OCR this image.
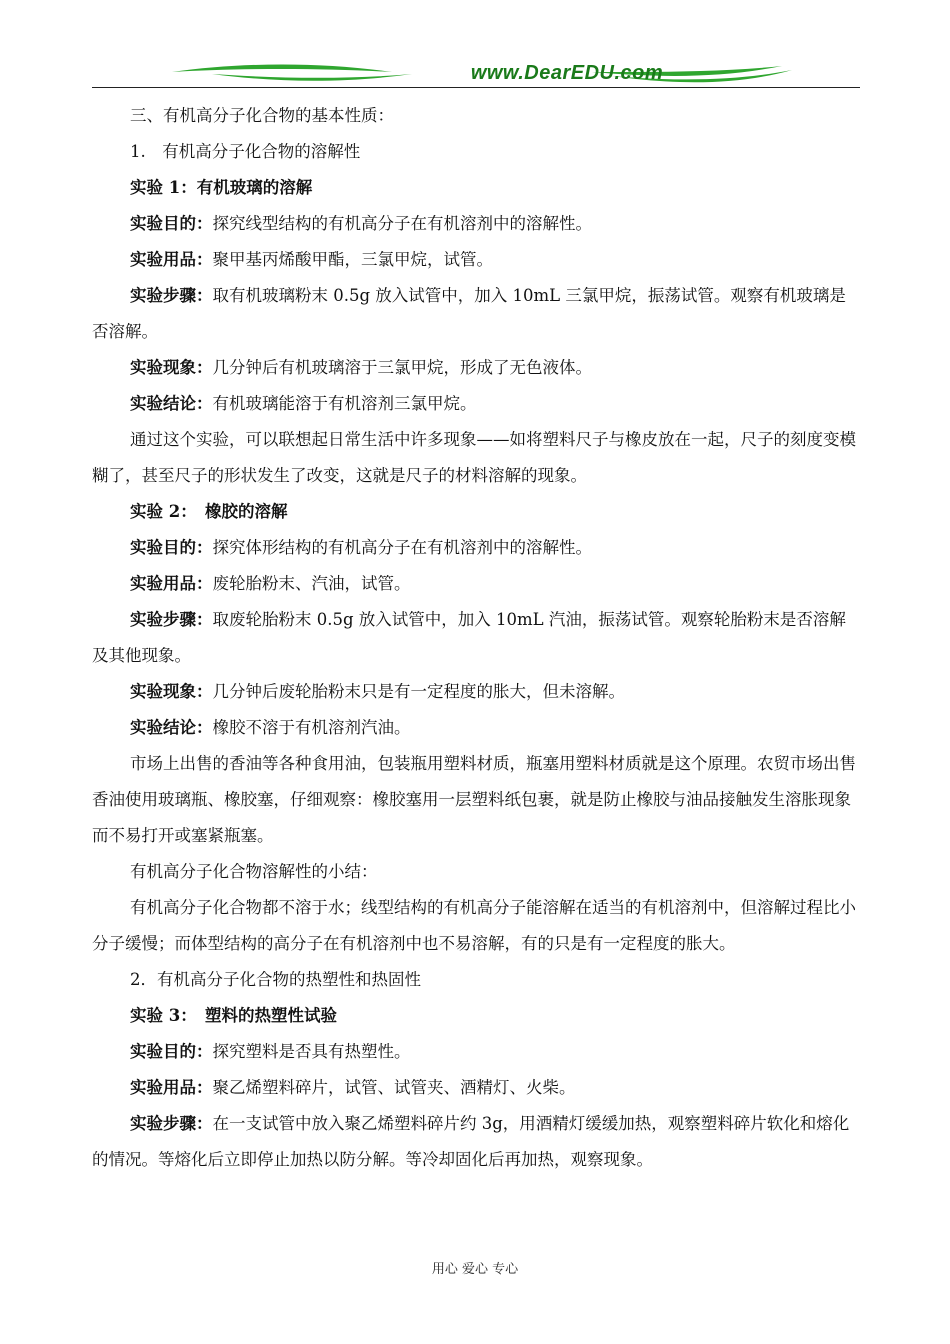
www.DearEDU.com

三、有机高分子化合物的基本性质：

1.　有机高分子化合物的溶解性

实验 1：有机玻璃的溶解

实验目的：探究线型结构的有机高分子在有机溶剂中的溶解性。

实验用品：聚甲基丙烯酸甲酯，三氯甲烷，试管。

实验步骤：取有机玻璃粉末 0.5g 放入试管中，加入 10mL 三氯甲烷，振荡试管。观察有机玻璃是否溶解。

实验现象：几分钟后有机玻璃溶于三氯甲烷，形成了无色液体。

实验结论：有机玻璃能溶于有机溶剂三氯甲烷。

通过这个实验，可以联想起日常生活中许多现象——如将塑料尺子与橡皮放在一起，尺子的刻度变模糊了，甚至尺子的形状发生了改变，这就是尺子的材料溶解的现象。

实验 2：　橡胶的溶解

实验目的：探究体形结构的有机高分子在有机溶剂中的溶解性。

实验用品：废轮胎粉末、汽油，试管。

实验步骤：取废轮胎粉末 0.5g 放入试管中，加入 10mL 汽油，振荡试管。观察轮胎粉末是否溶解及其他现象。

实验现象：几分钟后废轮胎粉末只是有一定程度的胀大，但未溶解。

实验结论：橡胶不溶于有机溶剂汽油。

市场上出售的香油等各种食用油，包装瓶用塑料材质，瓶塞用塑料材质就是这个原理。农贸市场出售香油使用玻璃瓶、橡胶塞，仔细观察：橡胶塞用一层塑料纸包裹，就是防止橡胶与油品接触发生溶胀现象而不易打开或塞紧瓶塞。

有机高分子化合物溶解性的小结：

有机高分子化合物都不溶于水；线型结构的有机高分子能溶解在适当的有机溶剂中，但溶解过程比小分子缓慢；而体型结构的高分子在有机溶剂中也不易溶解，有的只是有一定程度的胀大。

2．有机高分子化合物的热塑性和热固性

实验 3：　塑料的热塑性试验

实验目的：探究塑料是否具有热塑性。

实验用品：聚乙烯塑料碎片，试管、试管夹、酒精灯、火柴。

实验步骤：在一支试管中放入聚乙烯塑料碎片约 3g，用酒精灯缓缓加热，观察塑料碎片软化和熔化的情况。等熔化后立即停止加热以防分解。等冷却固化后再加热，观察现象。

用心 爱心 专心
